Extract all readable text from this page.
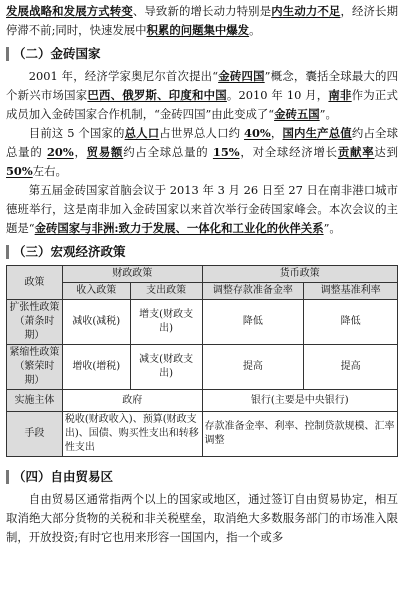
发展战略和发展方式转变、导致新的增长动力特别是内生动力不足，经济长期停滞不前;同时，快速发展中积累的问题集中爆发。

（二）金砖国家

2001 年，经济学家奥尼尔首次提出“金砖四国”概念，囊括全球最大的四个新兴市场国家巴西、俄罗斯、印度和中国。2010 年 10 月，南非作为正式成员加入金砖国家合作机制，“金砖四国”由此变成了“金砖五国”。

目前这 5 个国家的总人口占世界总人口约 40%，国内生产总值约占全球总量的 20%，贸易额约占全球总量的 15%，对全球经济增长贡献率达到 50%左右。

第五届金砖国家首脑会议于 2013 年 3 月 26 日至 27 日在南非港口城市德班举行，这是南非加入金砖国家以来首次举行金砖国家峰会。本次会议的主题是“金砖国家与非洲:致力于发展、一体化和工业化的伙伴关系”。

（三）宏观经济政策
政策	财政政策		货币政策	
	收入政策	支出政策	调整存款准备金率	调整基准利率
扩张性政策（萧条时期）	减收(减税)	增支(财政支出)	降低	降低
紧缩性政策（繁荣时期）	增收(增税)	减支(财政支出)	提高	提高
实施主体	政府		银行(主要是中央银行)	
手段	税收(财政收入)、预算(财政支出)、国债、购买性支出和转移性支出		存款准备金率、利率、控制贷款规模、汇率调整	
（四）自由贸易区

自由贸易区通常指两个以上的国家或地区，通过签订自由贸易协定，相互取消绝大部分货物的关税和非关税壁垒，取消绝大多数服务部门的市场准入限制，开放投资;有时它也用来形容一国国内，指一个或多
